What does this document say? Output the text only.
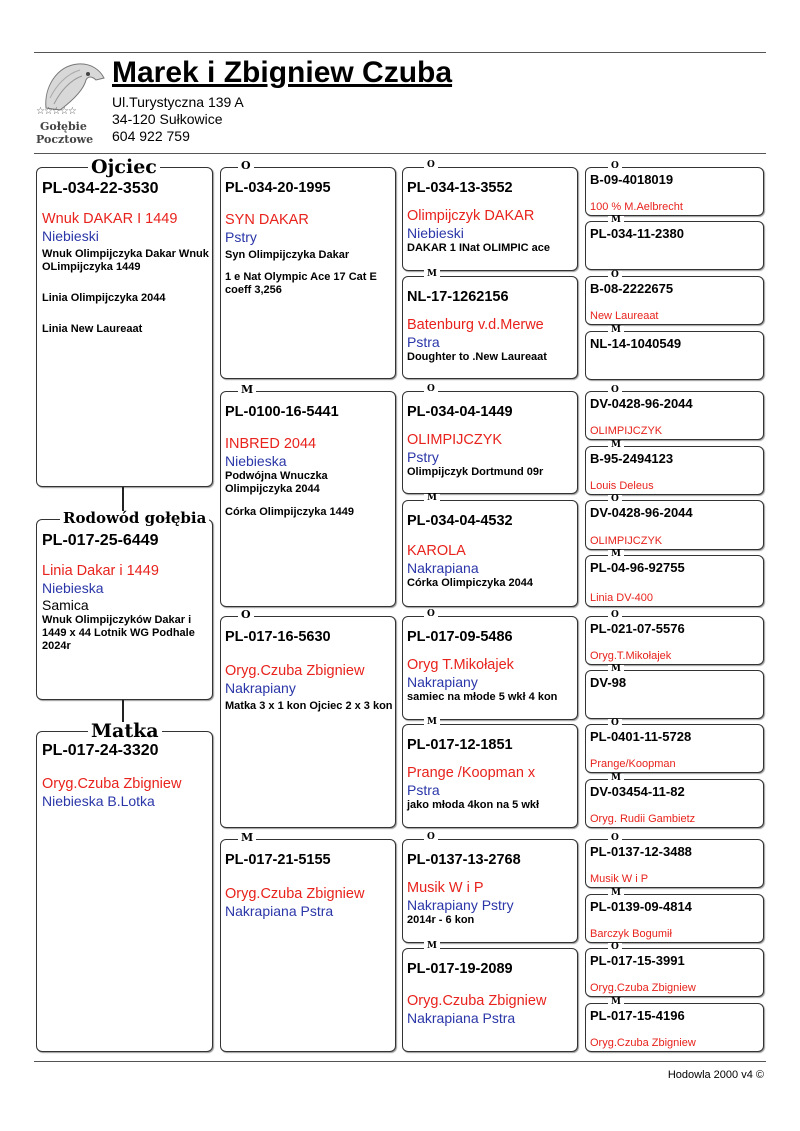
☆☆☆☆☆
Gołębie
Pocztowe
Marek i Zbigniew Czuba
Ul.Turystyczna 139 A
34-120 Sułkowice
604 922 759
Ojciec
PL-034-22-3530
Wnuk DAKAR I 1449
Niebieski
Wnuk Olimpijczyka Dakar Wnuk OLimpijczyka 1449
Linia Olimpijczyka 2044
Linia New Laureaat
Rodowód gołębia
PL-017-25-6449
Linia Dakar i 1449
Niebieska
Samica
Wnuk Olimpijczyków Dakar i 1449 x 44 Lotnik WG Podhale 2024r
Matka
PL-017-24-3320
Oryg.Czuba Zbigniew
Niebieska B.Lotka
O
PL-034-20-1995
SYN DAKAR
Pstry
Syn Olimpijczyka Dakar
1 e Nat Olympic Ace 17 Cat E coeff 3,256
M
PL-0100-16-5441
INBRED 2044
Niebieska
Podwójna Wnuczka Olimpijczyka 2044
Córka Olimpijczyka 1449
O
PL-017-16-5630
Oryg.Czuba Zbigniew
Nakrapiany
Matka 3 x 1 kon Ojciec 2 x 3 kon
M
PL-017-21-5155
Oryg.Czuba Zbigniew
Nakrapiana Pstra
O
PL-034-13-3552
Olimpijczyk DAKAR
Niebieski
DAKAR 1 INat OLIMPIC ace
M
NL-17-1262156
Batenburg v.d.Merwe
Pstra
Doughter to .New Laureaat
O
PL-034-04-1449
OLIMPIJCZYK
Pstry
Olimpijczyk Dortmund 09r
M
PL-034-04-4532
KAROLA
Nakrapiana
Córka Olimpiczyka 2044
O
PL-017-09-5486
Oryg T.Mikołajek
Nakrapiany
samiec na młode 5 wkł 4 kon
M
PL-017-12-1851
Prange /Koopman x
Pstra
jako młoda 4kon na 5 wkł
O
PL-0137-13-2768
Musik W i P
Nakrapiany Pstry
2014r - 6 kon
M
PL-017-19-2089
Oryg.Czuba Zbigniew
Nakrapiana Pstra
O
B-09-4018019
100 % M.Aelbrecht
M
PL-034-11-2380
O
B-08-2222675
New Laureaat
M
NL-14-1040549
O
DV-0428-96-2044
OLIMPIJCZYK
M
B-95-2494123
Louis Deleus
O
DV-0428-96-2044
OLIMPIJCZYK
M
PL-04-96-92755
Linia DV-400
O
PL-021-07-5576
Oryg.T.Mikołajek
M
DV-98
O
PL-0401-11-5728
Prange/Koopman
M
DV-03454-11-82
Oryg. Rudii Gambietz
O
PL-0137-12-3488
Musik W i P
M
PL-0139-09-4814
Barczyk Bogumił
O
PL-017-15-3991
Oryg.Czuba Zbigniew
M
PL-017-15-4196
Oryg.Czuba Zbigniew
Hodowla 2000 v4 ©
